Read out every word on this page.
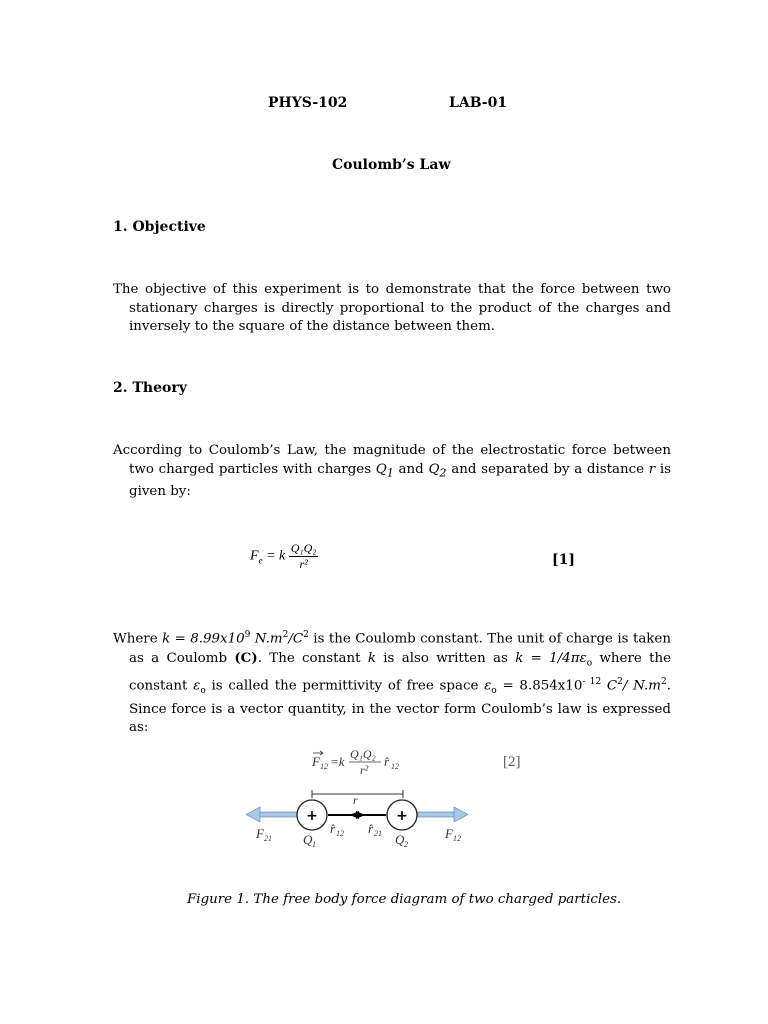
PHYS-102	LAB-01
Coulomb’s Law
1. Objective
The objective of this experiment is to demonstrate that the force between two stationary charges is directly proportional to the product of the charges and inversely to the square of the distance between them.
2. Theory
According to Coulomb’s Law, the magnitude of the electrostatic force between two charged particles with charges $Q_1$ and $Q_2$ and separated by a distance r is given by:
$F_e = k \frac{\text{Q₁Q₂}}{\text{r²}}$	[1]
Where $k = 8.99x10^9$ $N.m^2/C^2$ is the Coulomb constant. The unit of charge is taken as a Coulomb (C). The constant k is also written as $k = 1/4\pi\varepsilon_o$ where the constant $\varepsilon_o$ is called the permittivity of free space $\varepsilon_o = 8.854x10^{- 12}$ $C^2/$ $N.m^2$. Since force is a vector quantity, in the vector form Coulomb’s law is expressed as:
F 12 =k Q₁Q₂
r²
r̂ 12	[2]
r
+	+
F 21 Q 1
r̂ 12 r̂ 21 Q 2
F 12
Figure 1. The free body force diagram of two charged particles.
